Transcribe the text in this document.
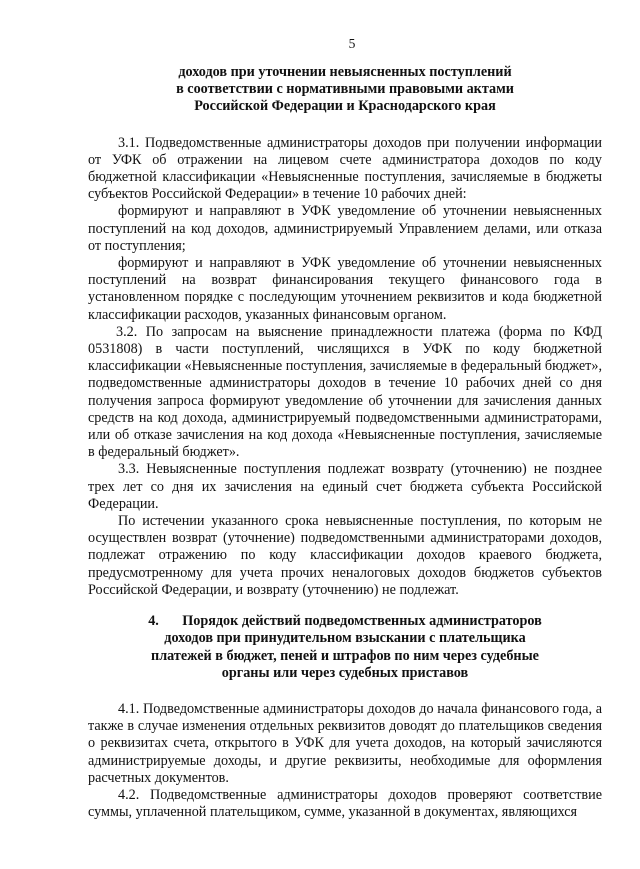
5
доходов при уточнении невыясненных поступлений
в соответствии с нормативными правовыми актами
Российской Федерации и Краснодарского края

3.1. Подведомственные администраторы доходов при получении информации от УФК об отражении на лицевом счете администратора доходов по коду бюджетной классификации «Невыясненные поступления, зачисляемые в бюджеты субъектов Российской Федерации» в течение 10 рабочих дней:

формируют и направляют в УФК уведомление об уточнении невыясненных поступлений на код доходов, администрируемый Управлением делами, или отказа от поступления;

формируют и направляют в УФК уведомление об уточнении невыясненных поступлений на возврат финансирования текущего финансового года в установленном порядке с последующим уточнением реквизитов и кода бюджетной классификации расходов, указанных финансовым органом.

3.2. По запросам на выяснение принадлежности платежа (форма по КФД 0531808) в части поступлений, числящихся в УФК по коду бюджетной классификации «Невыясненные поступления, зачисляемые в федеральный бюджет», подведомственные администраторы доходов в течение 10 рабочих дней со дня получения запроса формируют уведомление об уточнении для зачисления данных средств на код дохода, администрируемый подведомственными администраторами, или об отказе зачисления на код дохода «Невыясненные поступления, зачисляемые в федеральный бюджет».

3.3. Невыясненные поступления подлежат возврату (уточнению) не позднее трех лет со дня их зачисления на единый счет бюджета субъекта Российской Федерации.

По истечении указанного срока невыясненные поступления, по которым не осуществлен возврат (уточнение) подведомственными администраторами доходов, подлежат отражению по коду классификации доходов краевого бюджета, предусмотренному для учета прочих неналоговых доходов бюджетов субъектов Российской Федерации, и возврату (уточнению) не подлежат.

4. Порядок действий подведомственных администраторов
доходов при принудительном взыскании с плательщика
платежей в бюджет, пеней и штрафов по ним через судебные
органы или через судебных приставов

4.1. Подведомственные администраторы доходов до начала финансового года, а также в случае изменения отдельных реквизитов доводят до плательщиков сведения о реквизитах счета, открытого в УФК для учета доходов, на который зачисляются администрируемые доходы, и другие реквизиты, необходимые для оформления расчетных документов.

4.2. Подведомственные администраторы доходов проверяют соответствие суммы, уплаченной плательщиком, сумме, указанной в документах, являющихся
